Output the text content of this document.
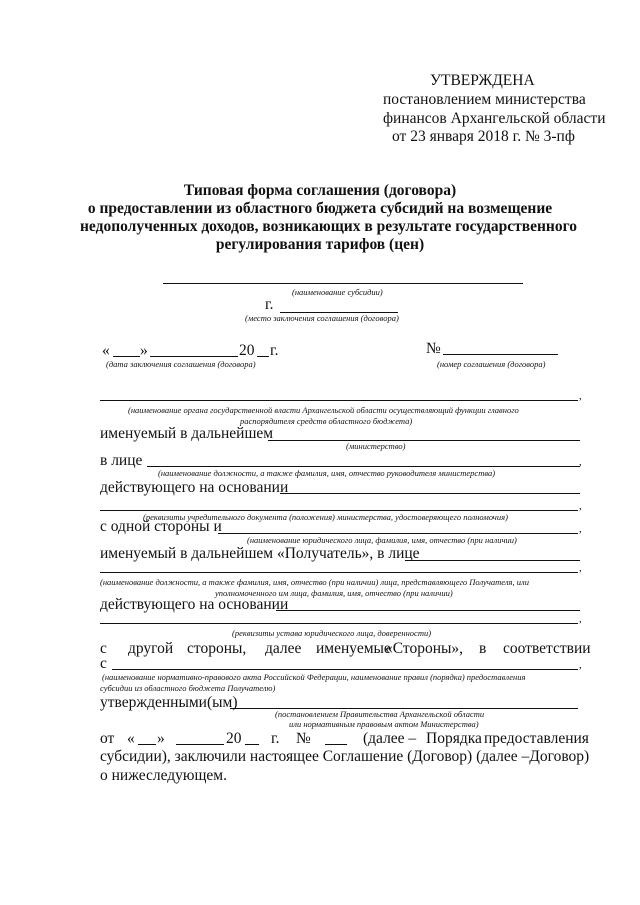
УТВЕРЖДЕНА
постановлением министерства
финансов Архангельской области
от 23 января 2018 г. № 3-пф
Типовая форма соглашения (договора)
о предоставлении из областного бюджета субсидий на возмещение
недополученных доходов, возникающих в результате государственного
регулирования тарифов (цен)
(наименование субсидии)
г.
(место заключения соглашения (договора)
« »	20 г.
(дата заключения соглашения (договора)
№
(номер соглашения (договора)
(наименование органа государственной власти Архангельской области осуществляющий функции главного
распорядителя средств областного бюджета)
именуемый в дальнейшем
(министерство)
в лице
(наименование должности, а также фамилия, имя, отчество руководителя министерства)
действующего на основании
(реквизиты учредительного документа (положения) министерства, удостоверяющего полномочия)
с одной стороны и
(наименование юридического лица, фамилия, имя, отчество (при наличии)
именуемый в дальнейшем «Получатель», в лице
(наименование должности, а также фамилия, имя, отчество (при наличии) лица, представляющего Получателя, или
уполномоченного им лица, фамилия, имя, отчество (при наличии)
действующего на основании
(реквизиты устава юридического лица, доверенности)
с другой стороны, далее именуемые
«Стороны», в соответствии
с
(наименование нормативно-правового акта Российской Федерации, наименование правил (порядка) предоставления
субсидии из областного бюджета Получателю)
утвержденными(ым)
(постановлением Правительства Архангельской области
или нормативным правовым актом Министерства)
от « »	20 г. №	(далее – Порядка предоставления
субсидии), заключили настоящее Соглашение (Договор) (далее –Договор)
о нижеследующем.
,
,
,
,
,
,
,
